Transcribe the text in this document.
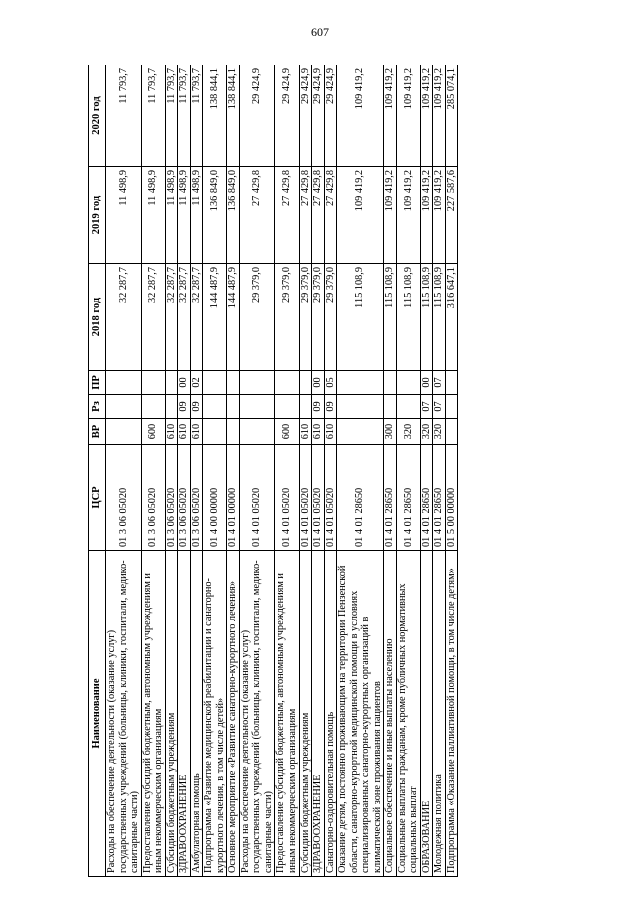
607
Наименование	ЦСР	ВР	Рз	ПР	2018 год	2019 год	2020 год
Расходы на обеспечение деятельности (оказание услуг) государственных учреждений (больницы, клиники, госпитали, медико-санитарные части)	01 3 06 05020				32 287,7	11 498,9	11 793,7
Предоставление субсидий бюджетным, автономным учреждениям и иным некоммерческим организациям	01 3 06 05020	600			32 287,7	11 498,9	11 793,7
Субсидии бюджетным учреждениям	01 3 06 05020	610			32 287,7	11 498,9	11 793,7
ЗДРАВООХРАНЕНИЕ	01 3 06 05020	610	09	00	32 287,7	11 498,9	11 793,7
Амбулаторная помощь	01 3 06 05020	610	09	02	32 287,7	11 498,9	11 793,7
Подпрограмма «Развитие медицинской реабилитации и санаторно-курортного лечения, в том числе детей»	01 4 00 00000				144 487,9	136 849,0	138 844,1
Основное мероприятие «Развитие санаторно-курортного лечения»	01 4 01 00000				144 487,9	136 849,0	138 844,1
Расходы на обеспечение деятельности (оказание услуг) государственных учреждений (больницы, клиники, госпитали, медико-санитарные части)	01 4 01 05020				29 379,0	27 429,8	29 424,9
Предоставление субсидий бюджетным, автономным учреждениям и иным некоммерческим организациям	01 4 01 05020	600			29 379,0	27 429,8	29 424,9
Субсидии бюджетным учреждениям	01 4 01 05020	610			29 379,0	27 429,8	29 424,9
ЗДРАВООХРАНЕНИЕ	01 4 01 05020	610	09	00	29 379,0	27 429,8	29 424,9
Санаторно-оздоровительная помощь	01 4 01 05020	610	09	05	29 379,0	27 429,8	29 424,9
Оказание детям, постоянно проживающим на территории Пензенской области, санаторно-курортной медицинской помощи в условиях специализированных санаторно-курортных организаций в климатической зоне проживания пациентов	01 4 01 28650				115 108,9	109 419,2	109 419,2
Социальное обеспечение и иные выплаты населению	01 4 01 28650	300			115 108,9	109 419,2	109 419,2
Социальные выплаты гражданам, кроме публичных нормативных социальных выплат	01 4 01 28650	320			115 108,9	109 419,2	109 419,2
ОБРАЗОВАНИЕ	01 4 01 28650	320	07	00	115 108,9	109 419,2	109 419,2
Молодежная политика	01 4 01 28650	320	07	07	115 108,9	109 419,2	109 419,2
Подпрограмма «Оказание паллиативной помощи, в том числе детям»	01 5 00 00000				316 647,1	227 587,6	285 074,1
